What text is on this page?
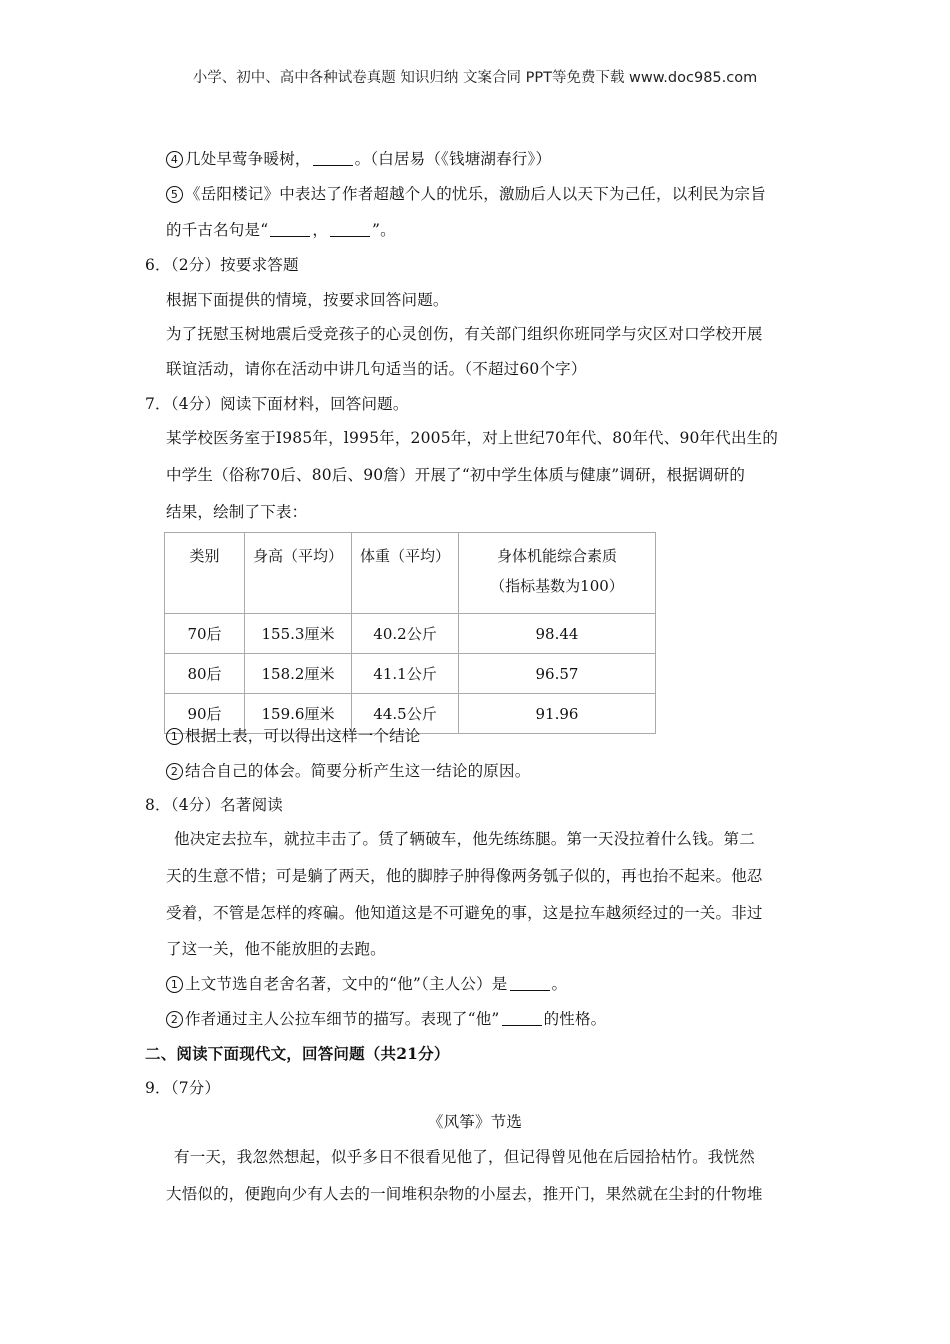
小学、初中、高中各种试卷真题 知识归纳 文案合同 PPT等免费下载 www.doc985.com
4 几处早莺争暖树，	。（白居易（《钱塘湖春行》）
5 《岳阳楼记》中表达了作者超越个人的忧乐，激励后人以天下为己任，以利民为宗旨
的千古名句是“	，	”。
6．（2分）按要求答题
根据下面提供的情境，按要求回答问题。
为了抚慰玉树地震后受竞孩子的心灵创伤，有关部门组织你班同学与灾区对口学校开展
联谊活动，请你在活动中讲几句适当的话。（不超过60个字）
7．（4分）阅读下面材料，回答问题。
某学校医务室于I985年，l995年，2005年，对上世纪70年代、80年代、90年代出生的
中学生（俗称70后、80后、90詹）开展了“初中学生体质与健康”调研，根据调研的
结果，绘制了下表：
类别	身高（平均）	体重（平均）	身体机能综合素质
（指标基数为100）

70后	155.3厘米	40.2公斤	98.44
80后	158.2厘米	41.1公斤	96.57
90后	159.6厘米	44.5公斤	91.96
1 根据上表，可以得出这样一个结论
2 结合自己的体会。简要分析产生这一结论的原因。
8．（4分）名著阅读
他决定去拉车，就拉丰击了。赁了辆破车，他先练练腿。第一天没拉着什么钱。第二
天的生意不惜；可是躺了两天，他的脚脖子肿得像两务瓠子似的，再也抬不起来。他忍
受着，不管是怎样的疼碥。他知道这是不可避免的事，这是拉车越须经过的一关。非过
了这一关，他不能放胆的去跑。
1 上文节选自老舍名著，文中的“他”（主人公）是	。
2 作者通过主人公拉车细节的描写。表现了“他”	的性格。
二、阅读下面现代文，回答问题（共21分）
9．（7分）
《风筝》节选
有一天，我忽然想起，似乎多日不很看见他了，但记得曾见他在后园拾枯竹。我恍然
大悟似的，便跑向少有人去的一间堆积杂物的小屋去，推开门，果然就在尘封的什物堆
